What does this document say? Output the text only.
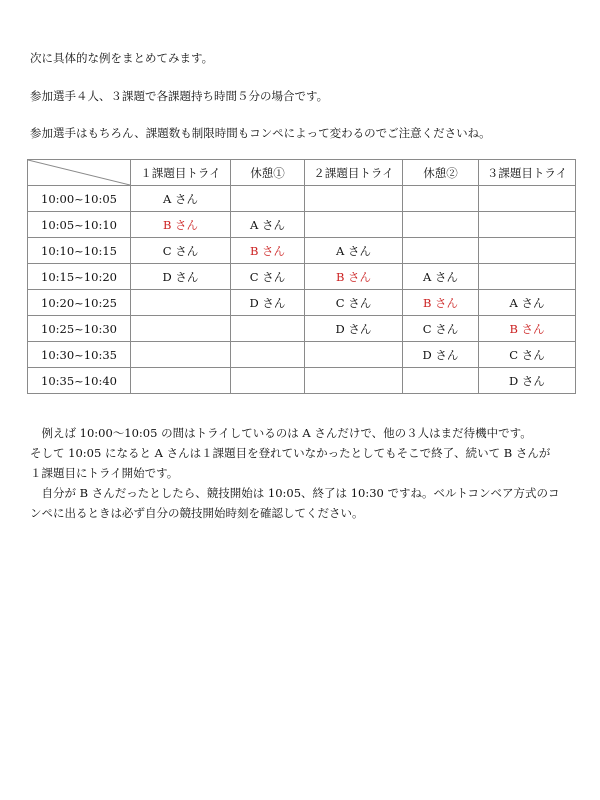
次に具体的な例をまとめてみます。

参加選手４人、３課題で各課題持ち時間５分の場合です。

参加選手はもちろん、課題数も制限時間もコンペによって変わるのでご注意くださいね。

	１課題目トライ	休憩①	２課題目トライ	休憩②	３課題目トライ
10:00~10:05	A さん				
10:05~10:10	B さん	A さん			
10:10~10:15	C さん	B さん	A さん		
10:15~10:20	D さん	C さん	B さん	A さん	
10:20~10:25		D さん	C さん	B さん	A さん
10:25~10:30			D さん	C さん	B さん
10:30~10:35				D さん	C さん
10:35~10:40					D さん

　例えば 10:00～10:05 の間はトライしているのは A さんだけで、他の３人はまだ待機中です。

そして 10:05 になると A さんは１課題目を登れていなかったとしてもそこで終了、続いて B さんが

１課題目にトライ開始です。

　自分が B さんだったとしたら、競技開始は 10:05、終了は 10:30 ですね。ベルトコンベア方式のコ

ンペに出るときは必ず自分の競技開始時刻を確認してください。
